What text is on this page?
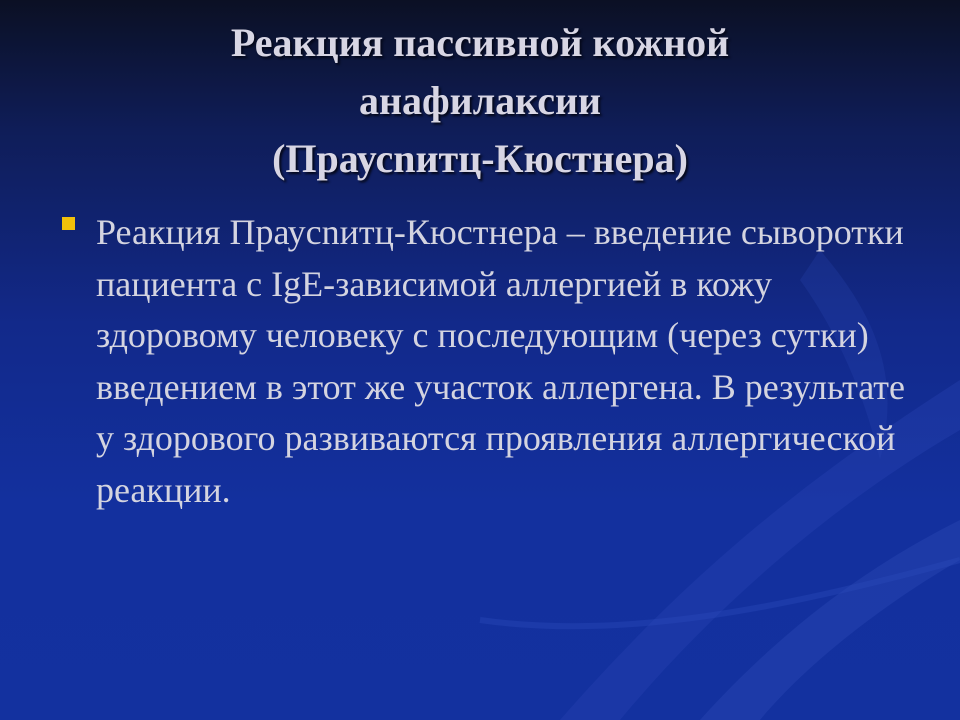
Реакция пассивной кожной
анафилаксии
(Праусnитц-Кюстнера)
Реакция Праусnитц-Кюстнера – введение сыворотки пациента с IgE-зависимой аллергией в кожу здоровому человеку с последующим (через сутки) введением в этот же участок аллергена. В результате у здорового развиваются проявления аллергической реакции.
